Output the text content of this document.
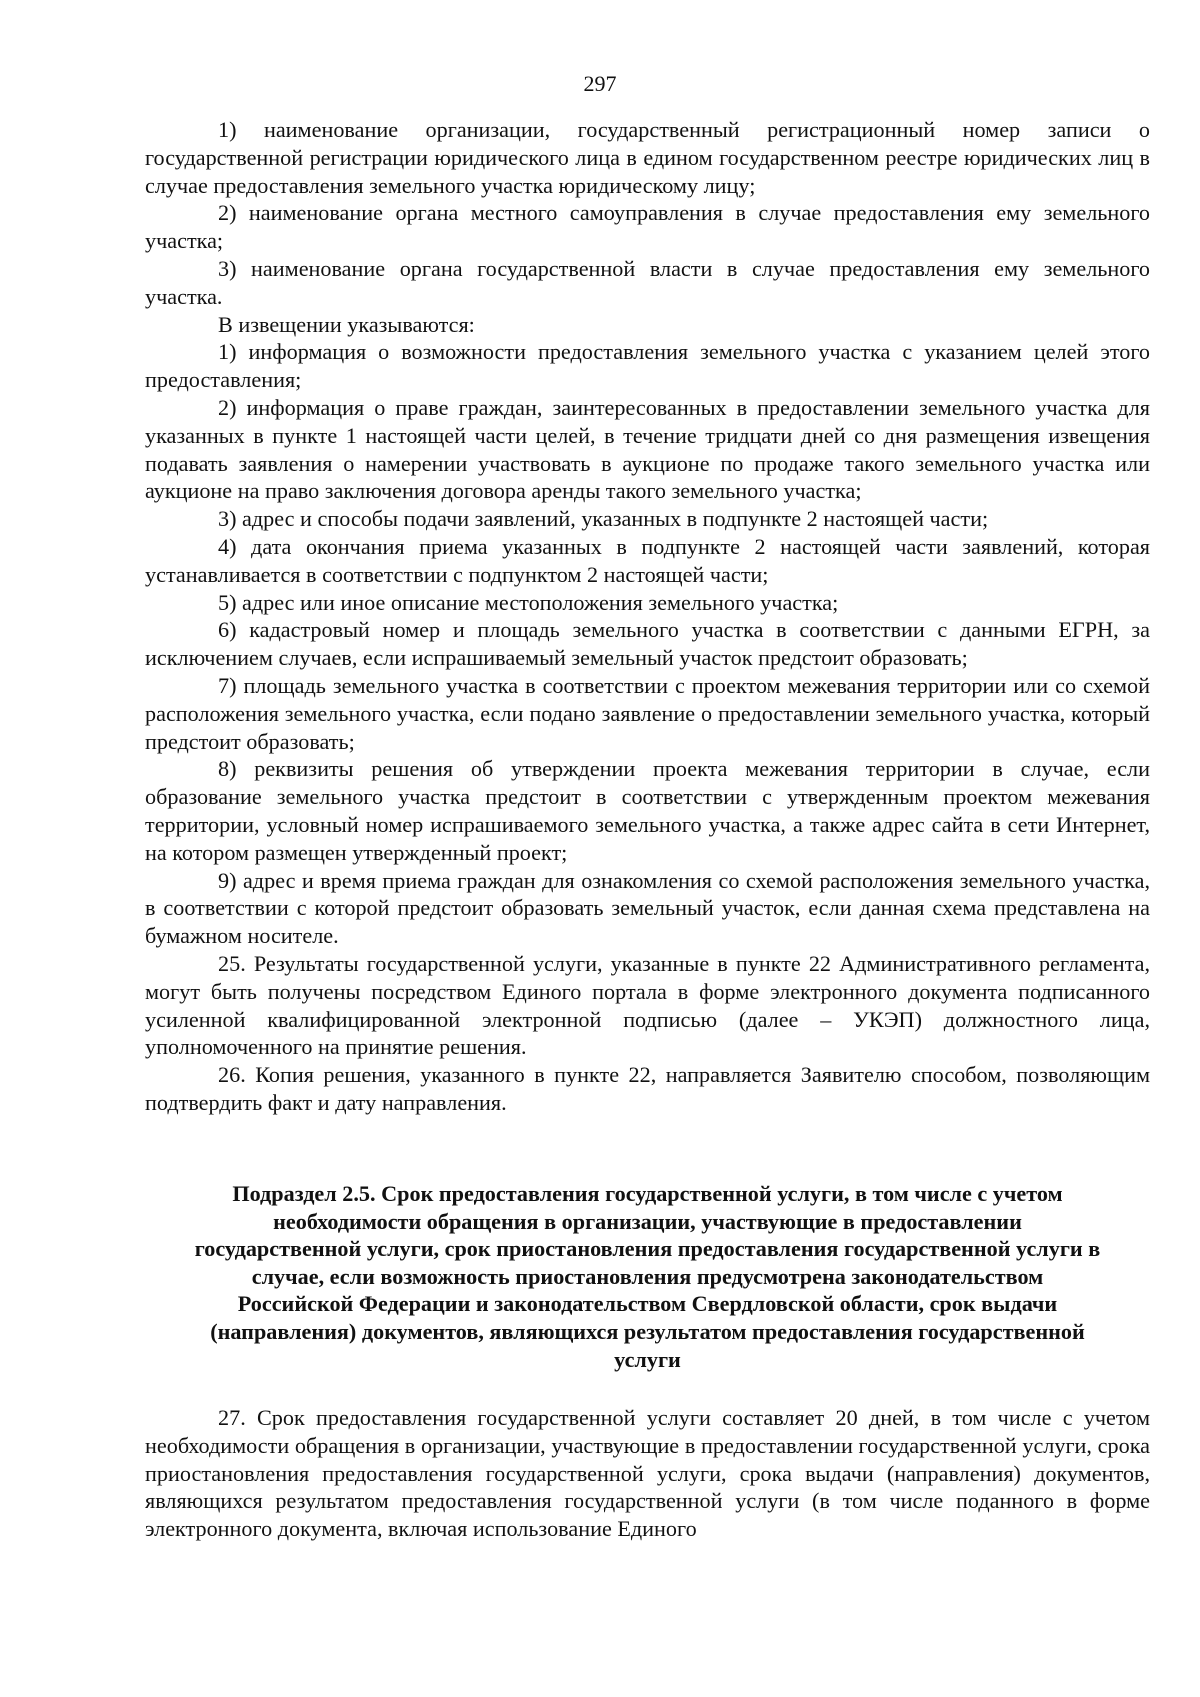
297

1) наименование организации, государственный регистрационный номер записи о государственной регистрации юридического лица в едином государственном реестре юридических лиц в случае предоставления земельного участка юридическому лицу;

2) наименование органа местного самоуправления в случае предоставления ему земельного участка;

3) наименование органа государственной власти в случае предоставления ему земельного участка.

В извещении указываются:

1) информация о возможности предоставления земельного участка с указанием целей этого предоставления;

2) информация о праве граждан, заинтересованных в предоставлении земельного участка для указанных в пункте 1 настоящей части целей, в течение тридцати дней со дня размещения извещения подавать заявления о намерении участвовать в аукционе по продаже такого земельного участка или аукционе на право заключения договора аренды такого земельного участка;

3) адрес и способы подачи заявлений, указанных в подпункте 2 настоящей части;

4) дата окончания приема указанных в подпункте 2 настоящей части заявлений, которая устанавливается в соответствии с подпунктом 2 настоящей части;

5) адрес или иное описание местоположения земельного участка;

6) кадастровый номер и площадь земельного участка в соответствии с данными ЕГРН, за исключением случаев, если испрашиваемый земельный участок предстоит образовать;

7) площадь земельного участка в соответствии с проектом межевания территории или со схемой расположения земельного участка, если подано заявление о предоставлении земельного участка, который предстоит образовать;

8) реквизиты решения об утверждении проекта межевания территории в случае, если образование земельного участка предстоит в соответствии с утвержденным проектом межевания территории, условный номер испрашиваемого земельного участка, а также адрес сайта в сети Интернет, на котором размещен утвержденный проект;

9) адрес и время приема граждан для ознакомления со схемой расположения земельного участка, в соответствии с которой предстоит образовать земельный участок, если данная схема представлена на бумажном носителе.

25. Результаты государственной услуги, указанные в пункте 22 Административного регламента, могут быть получены посредством Единого портала в форме электронного документа подписанного усиленной квалифицированной электронной подписью (далее – УКЭП) должностного лица, уполномоченного на принятие решения.

26. Копия решения, указанного в пункте 22, направляется Заявителю способом, позволяющим подтвердить факт и дату направления.

Подраздел 2.5. Срок предоставления государственной услуги, в том числе с учетом
необходимости обращения в организации, участвующие в предоставлении
государственной услуги, срок приостановления предоставления государственной услуги в
случае, если возможность приостановления предусмотрена законодательством
Российской Федерации и законодательством Свердловской области, срок выдачи
(направления) документов, являющихся результатом предоставления государственной
услуги

27. Срок предоставления государственной услуги составляет 20 дней, в том числе с учетом необходимости обращения в организации, участвующие в предоставлении государственной услуги, срока приостановления предоставления государственной услуги, срока выдачи (направления) документов, являющихся результатом предоставления государственной услуги (в том числе поданного в форме электронного документа, включая использование Единого
